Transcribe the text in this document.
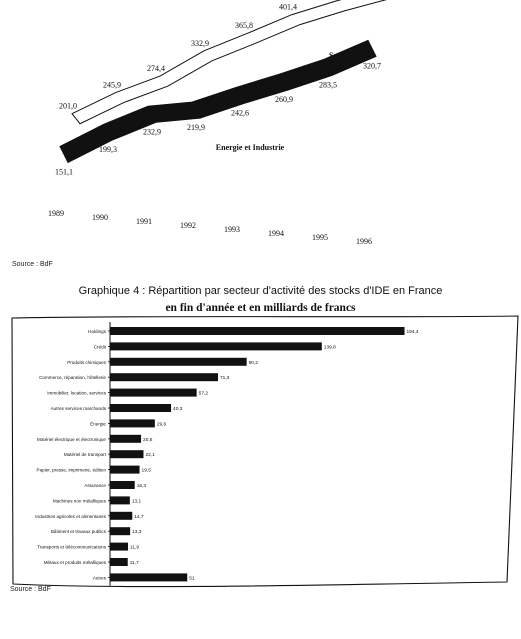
201,0
245,9
274,4
332,9
365,8
401,4
151,1
199,3
232,9	219,9
242,6
260,9
283,5
320,7
Services
Energie et Industrie
1989	1990	1991	1992	1993	1994	1995	1996
Source : BdF
Graphique 4 : Répartition par secteur d'activité des stocks d'IDE en France
en fin d'année et en milliards de francs
Holdings	194,4
Crédit	139,8
Produits chimiques	90,2
Commerce, réparation, hôtellerie	71,3
Immobilier, location, services	57,2
Autres services marchands	40,3
Énergie	29,6
Matériel électrique et électronique	20,5
Matériel de transport	22,1
Papier, presse, imprimerie, édition	19,5
Assurance	16,3
Machines non métalliques	13,1
Industries agricoles et alimentaires	14,7
Bâtiment et travaux publics	13,3
Transports et télécommunications	11,9
Métaux et produits métalliques	11,7
Autres	51
Source : BdF
